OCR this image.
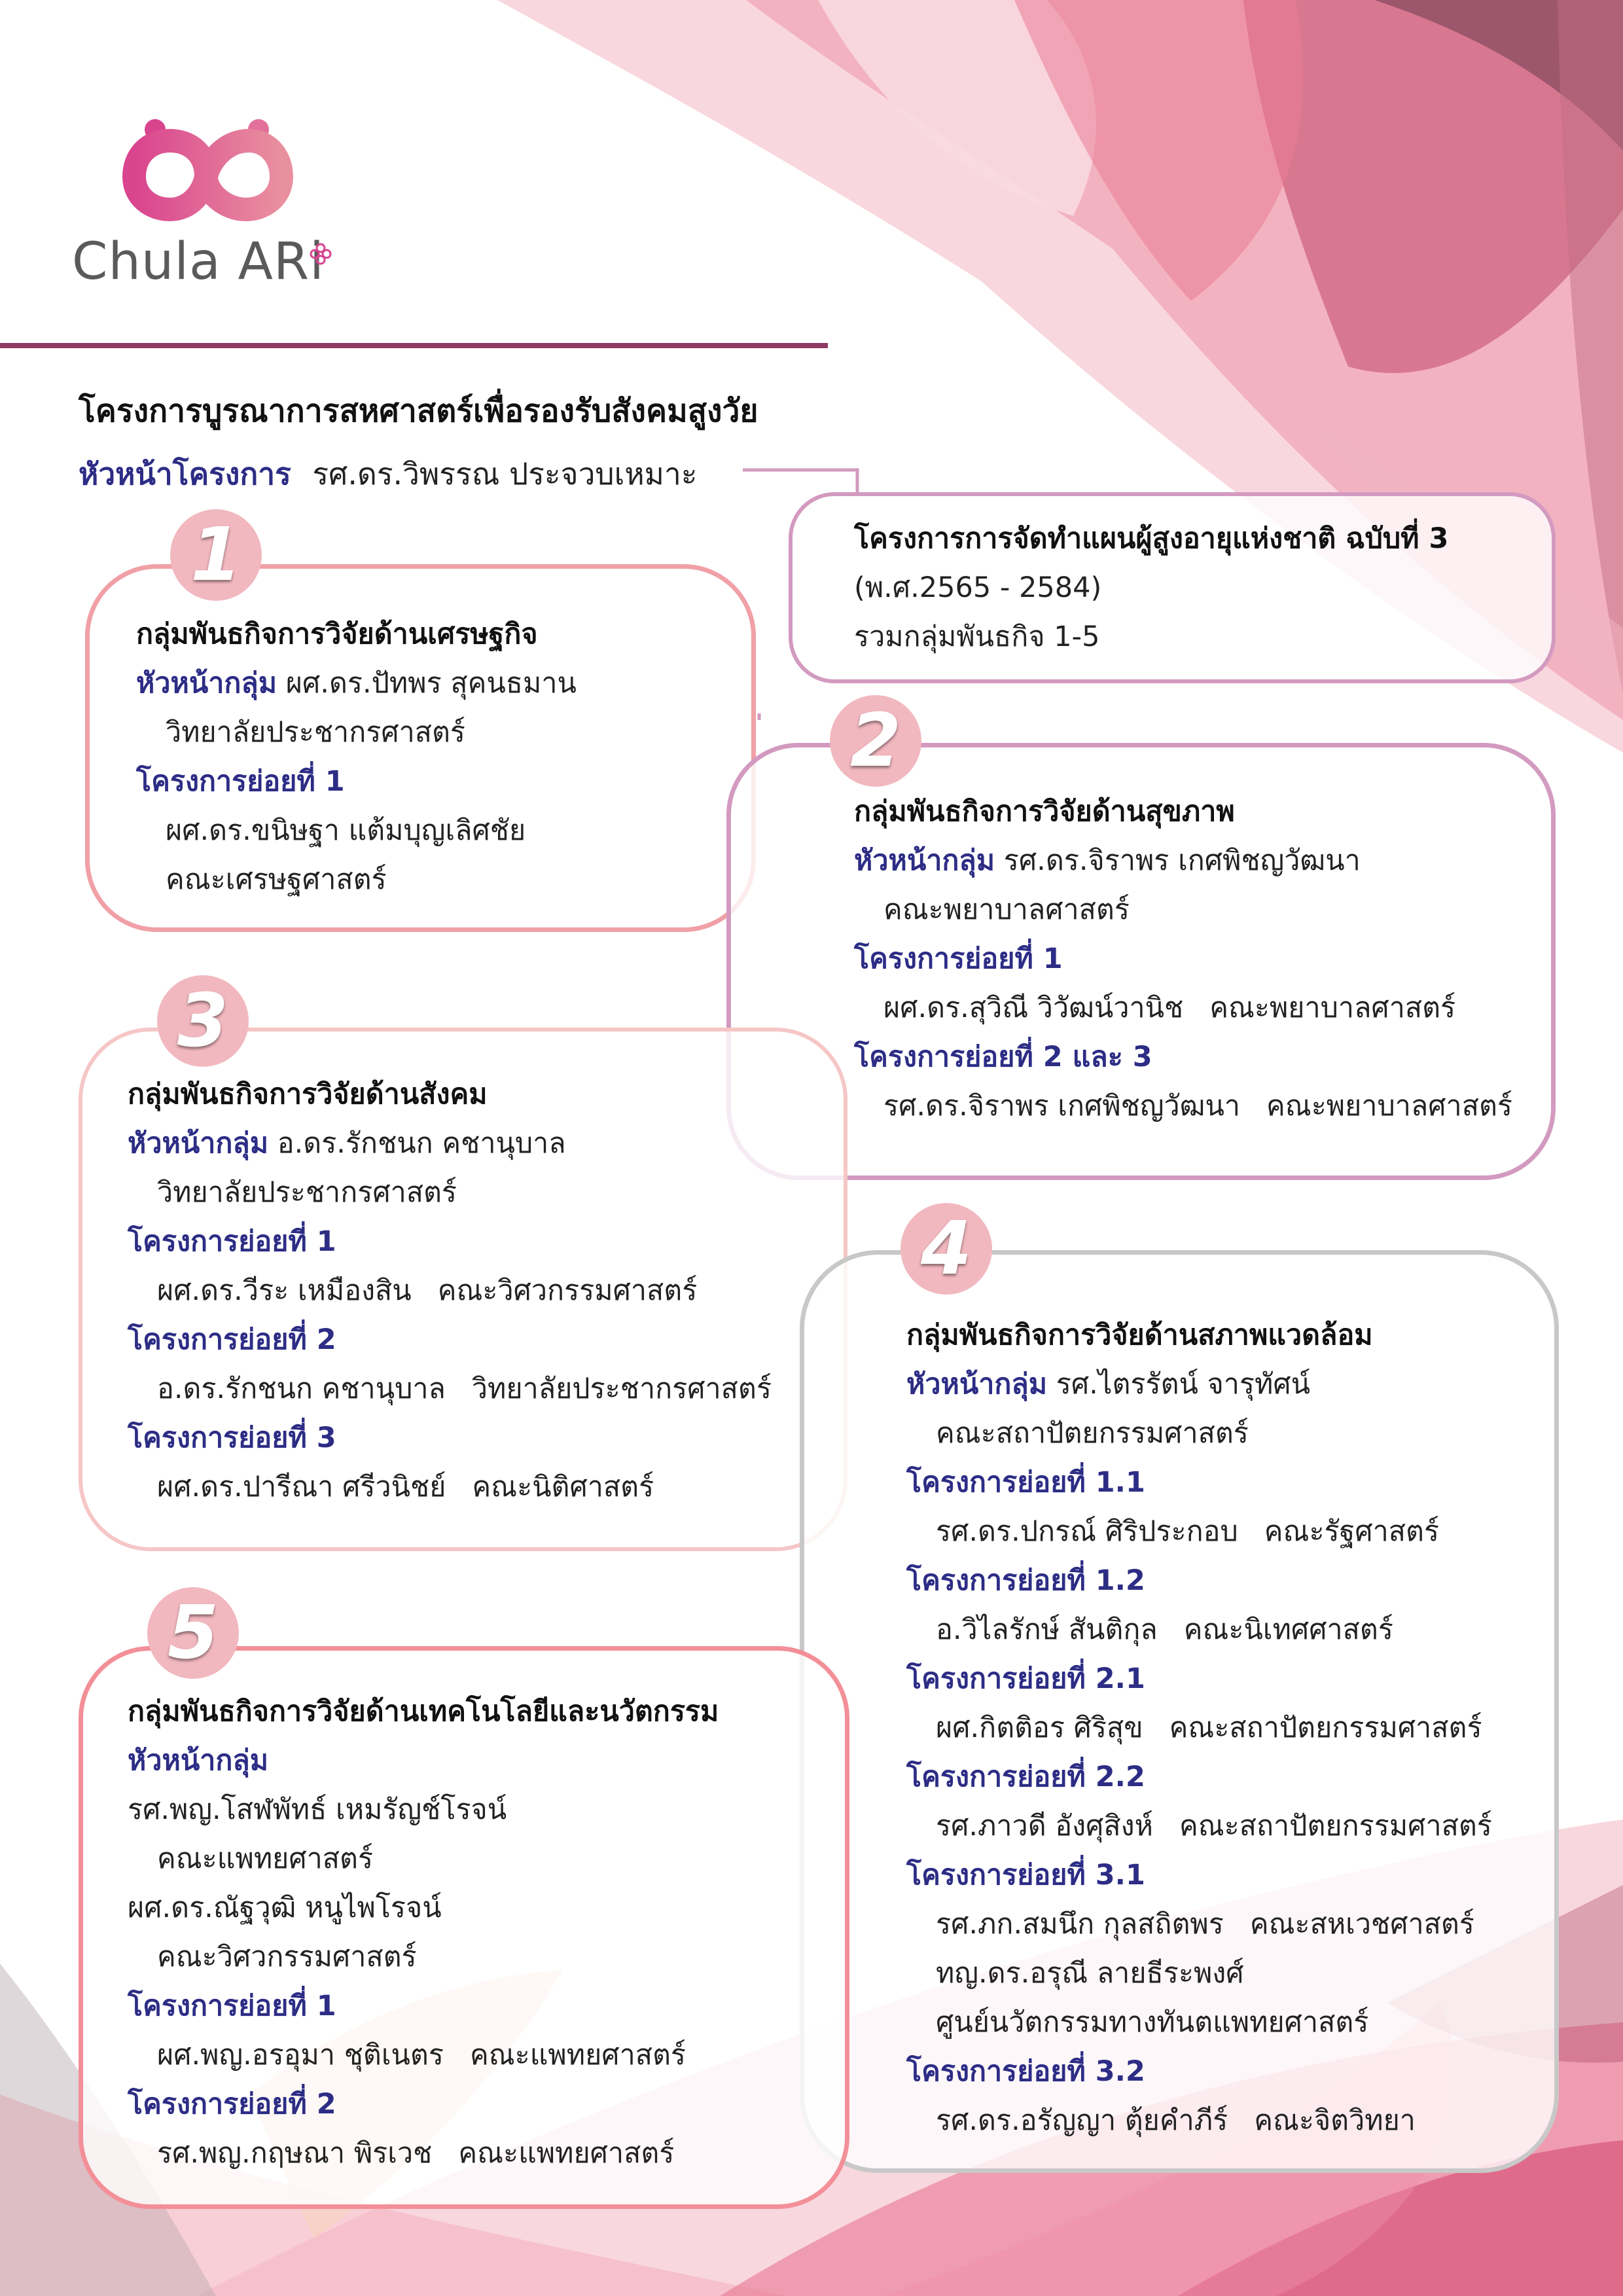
Chula ARi
โครงการบูรณาการสหศาสตร์เพื่อรองรับสังคมสูงวัย
หัวหน้าโครงการ รศ.ดร.วิพรรณ ประจวบเหมาะ
โครงการการจัดทำแผนผู้สูงอายุแห่งชาติ ฉบับที่ 3
(พ.ศ.2565 - 2584)
รวมกลุ่มพันธกิจ 1-5
1
กลุ่มพันธกิจการวิจัยด้านเศรษฐกิจ
หัวหน้ากลุ่ม ผศ.ดร.ปัทพร สุคนธมาน
วิทยาลัยประชากรศาสตร์
โครงการย่อยที่ 1
ผศ.ดร.ขนิษฐา แต้มบุญเลิศชัย
คณะเศรษฐศาสตร์
2
กลุ่มพันธกิจการวิจัยด้านสุขภาพ
หัวหน้ากลุ่ม รศ.ดร.จิราพร เกศพิชญวัฒนา
คณะพยาบาลศาสตร์
โครงการย่อยที่ 1
ผศ.ดร.สุวิณี วิวัฒน์วานิช คณะพยาบาลศาสตร์
โครงการย่อยที่ 2 และ 3
รศ.ดร.จิราพร เกศพิชญวัฒนา คณะพยาบาลศาสตร์
3
กลุ่มพันธกิจการวิจัยด้านสังคม
หัวหน้ากลุ่ม อ.ดร.รักชนก คชานุบาล
วิทยาลัยประชากรศาสตร์
โครงการย่อยที่ 1
ผศ.ดร.วีระ เหมืองสิน คณะวิศวกรรมศาสตร์
โครงการย่อยที่ 2
อ.ดร.รักชนก คชานุบาล วิทยาลัยประชากรศาสตร์
โครงการย่อยที่ 3
ผศ.ดร.ปารีณา ศรีวนิชย์ คณะนิติศาสตร์
4
กลุ่มพันธกิจการวิจัยด้านสภาพแวดล้อม
หัวหน้ากลุ่ม รศ.ไตรรัตน์ จารุทัศน์
คณะสถาปัตยกรรมศาสตร์
โครงการย่อยที่ 1.1
รศ.ดร.ปกรณ์ ศิริประกอบ คณะรัฐศาสตร์
โครงการย่อยที่ 1.2
อ.วิไลรักษ์ สันติกุล คณะนิเทศศาสตร์
โครงการย่อยที่ 2.1
ผศ.กิตติอร ศิริสุข คณะสถาปัตยกรรมศาสตร์
โครงการย่อยที่ 2.2
รศ.ภาวดี อังศุสิงห์ คณะสถาปัตยกรรมศาสตร์
โครงการย่อยที่ 3.1
รศ.ภก.สมนึก กุลสถิตพร คณะสหเวชศาสตร์
ทญ.ดร.อรุณี ลายธีระพงศ์
ศูนย์นวัตกรรมทางทันตแพทยศาสตร์
โครงการย่อยที่ 3.2
รศ.ดร.อรัญญา ตุ้ยคำภีร์ คณะจิตวิทยา
5
กลุ่มพันธกิจการวิจัยด้านเทคโนโลยีและนวัตกรรม
หัวหน้ากลุ่ม
รศ.พญ.โสฬพัทธ์ เหมรัญช์โรจน์
คณะแพทยศาสตร์
ผศ.ดร.ณัฐวุฒิ หนูไพโรจน์
คณะวิศวกรรมศาสตร์
โครงการย่อยที่ 1
ผศ.พญ.อรอุมา ชุติเนตร คณะแพทยศาสตร์
โครงการย่อยที่ 2
รศ.พญ.กฤษณา พิรเวช คณะแพทยศาสตร์
